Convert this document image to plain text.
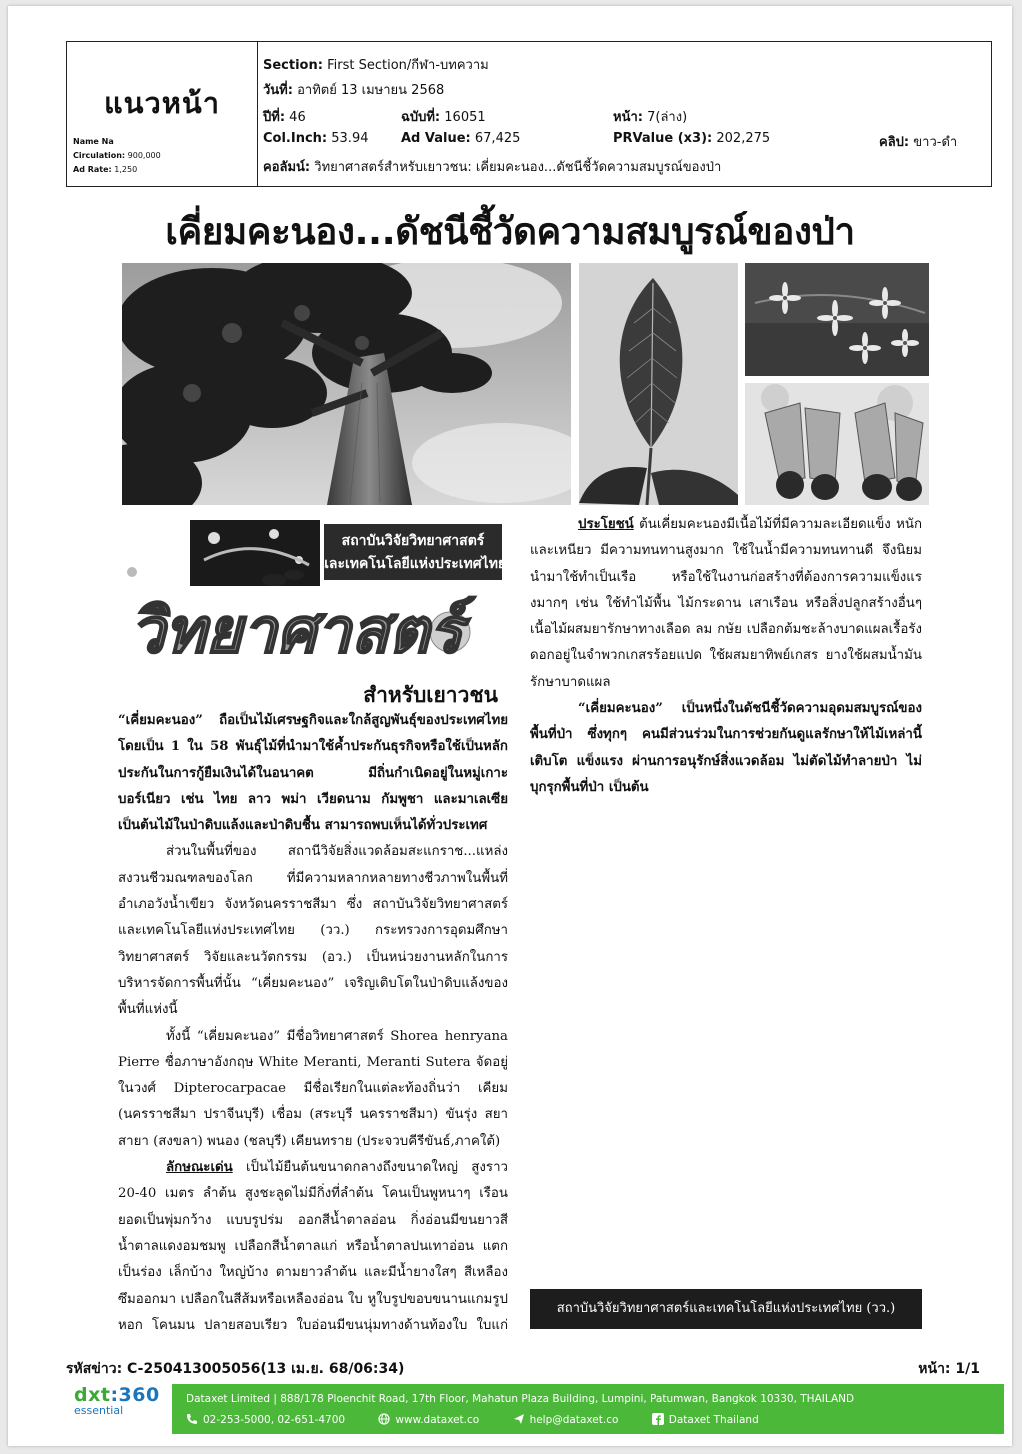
แนวหน้า
Name Na
Circulation: 900,000
Ad Rate: 1,250
Section: First Section/กีฬา-บทความ
วันที่: อาทิตย์ 13 เมษายน 2568
ปีที่: 46	ฉบับที่: 16051	หน้า: 7(ล่าง)
Col.Inch: 53.94	Ad Value: 67,425	PRValue (x3): 202,275	คลิป: ขาว-ดำ
คอลัมน์: วิทยาศาสตร์สำหรับเยาวชน: เคี่ยมคะนอง...ดัชนีชี้วัดความสมบูรณ์ของป่า
เคี่ยมคะนอง...ดัชนีชี้วัดความสมบูรณ์ของป่า
สถาบันวิจัยวิทยาศาสตร์
และเทคโนโลยีแห่งประเทศไทย
วิทยาศาสตร์
สำหรับเยาวชน

“เคี่ยมคะนอง” ถือเป็นไม้เศรษฐกิจและใกล้สูญพันธุ์ของประเทศไทย โดยเป็น 1 ใน 58 พันธุ์ไม้ที่นำมาใช้ค้ำประกันธุรกิจหรือใช้เป็นหลักประกันในการกู้ยืมเงินได้ในอนาคต มีถิ่นกำเนิดอยู่ในหมู่เกาะบอร์เนียว เช่น ไทย ลาว พม่า เวียดนาม กัมพูชา และมาเลเซีย เป็นต้นไม้ในป่าดิบแล้งและป่าดิบชื้น สามารถพบเห็นได้ทั่วประเทศ

ส่วนในพื้นที่ของ สถานีวิจัยสิ่งแวดล้อมสะแกราช...แหล่งสงวนชีวมณฑลของโลก ที่มีความหลากหลายทางชีวภาพในพื้นที่ อำเภอวังน้ำเขียว จังหวัดนครราชสีมา ซึ่ง สถาบันวิจัยวิทยาศาสตร์และเทคโนโลยีแห่งประเทศไทย (วว.) กระทรวงการอุดมศึกษา วิทยาศาสตร์ วิจัยและนวัตกรรม (อว.) เป็นหน่วยงานหลักในการบริหารจัดการพื้นที่นั้น “เคี่ยมคะนอง” เจริญเติบโตในป่าดิบแล้งของพื้นที่แห่งนี้

ทั้งนี้ “เคี่ยมคะนอง” มีชื่อวิทยาศาสตร์ Shorea henryana Pierre ชื่อภาษาอังกฤษ White Meranti, Meranti Sutera จัดอยู่ในวงศ์ Dipterocarpacae มีชื่อเรียกในแต่ละท้องถิ่นว่า เคียม (นครราชสีมา ปราจีนบุรี) เชื่อม (สระบุรี นครราชสีมา) ขันรุ่ง สยา สายา (สงขลา) พนอง (ชลบุรี) เคียนทราย (ประจวบคีรีขันธ์,ภาคใต้)

ลักษณะเด่น เป็นไม้ยืนต้นขนาดกลางถึงขนาดใหญ่ สูงราว 20-40 เมตร ลำต้น สูงชะลูดไม่มีกิ่งที่ลำต้น โคนเป็นพูหนาๆ เรือนยอดเป็นพุ่มกว้าง แบบรูปร่ม ออกสีน้ำตาลอ่อน กิ่งอ่อนมีขนยาวสีน้ำตาลแดงอมชมพู เปลือกสีน้ำตาลแก่ หรือน้ำตาลปนเทาอ่อน แตกเป็นร่อง เล็กบ้าง ใหญ่บ้าง ตามยาวลำต้น และมีน้ำยางใสๆ สีเหลืองซึมออกมา เปลือกในสีส้มหรือเหลืองอ่อน ใบ หูใบรูปขอบขนานแกมรูปหอก โคนมน ปลายสอบเรียว ใบอ่อนมีขนนุ่มทางด้านท้องใบ ใบแก่

ประโยชน์ ต้นเคี่ยมคะนองมีเนื้อไม้ที่มีความละเอียดแข็ง หนัก และเหนียว มีความทนทานสูงมาก ใช้ในน้ำมีความทนทานดี จึงนิยมนำมาใช้ทำเป็นเรือ หรือใช้ในงานก่อสร้างที่ต้องการความแข็งแรงมากๆ เช่น ใช้ทำไม้พื้น ไม้กระดาน เสาเรือน หรือสิ่งปลูกสร้างอื่นๆ เนื้อไม้ผสมยารักษาทางเลือด ลม กษัย เปลือกต้มชะล้างบาดแผลเรื้อรังดอกอยู่ในจำพวกเกสรร้อยแปด ใช้ผสมยาทิพย์เกสร ยางใช้ผสมน้ำมันรักษาบาดแผล

“เคี่ยมคะนอง” เป็นหนึ่งในดัชนีชี้วัดความอุดมสมบูรณ์ของพื้นที่ป่า ซึ่งทุกๆ คนมีส่วนร่วมในการช่วยกันดูแลรักษาให้ไม้เหล่านี้เติบโต แข็งแรง ผ่านการอนุรักษ์สิ่งแวดล้อม ไม่ตัดไม้ทำลายป่า ไม่บุกรุกพื้นที่ป่า เป็นต้น

สถาบันวิจัยวิทยาศาสตร์และเทคโนโลยีแห่งประเทศไทย (วว.)
รหัสข่าว: C-250413005056(13 เม.ย. 68/06:34)	หน้า: 1/1
dxt:360
essential
Dataxet Limited | 888/178 Ploenchit Road, 17th Floor, Mahatun Plaza Building, Lumpini, Patumwan, Bangkok 10330, THAILAND
02-253-5000, 02-651-4700	www.dataxet.co	help@dataxet.co	Dataxet Thailand
